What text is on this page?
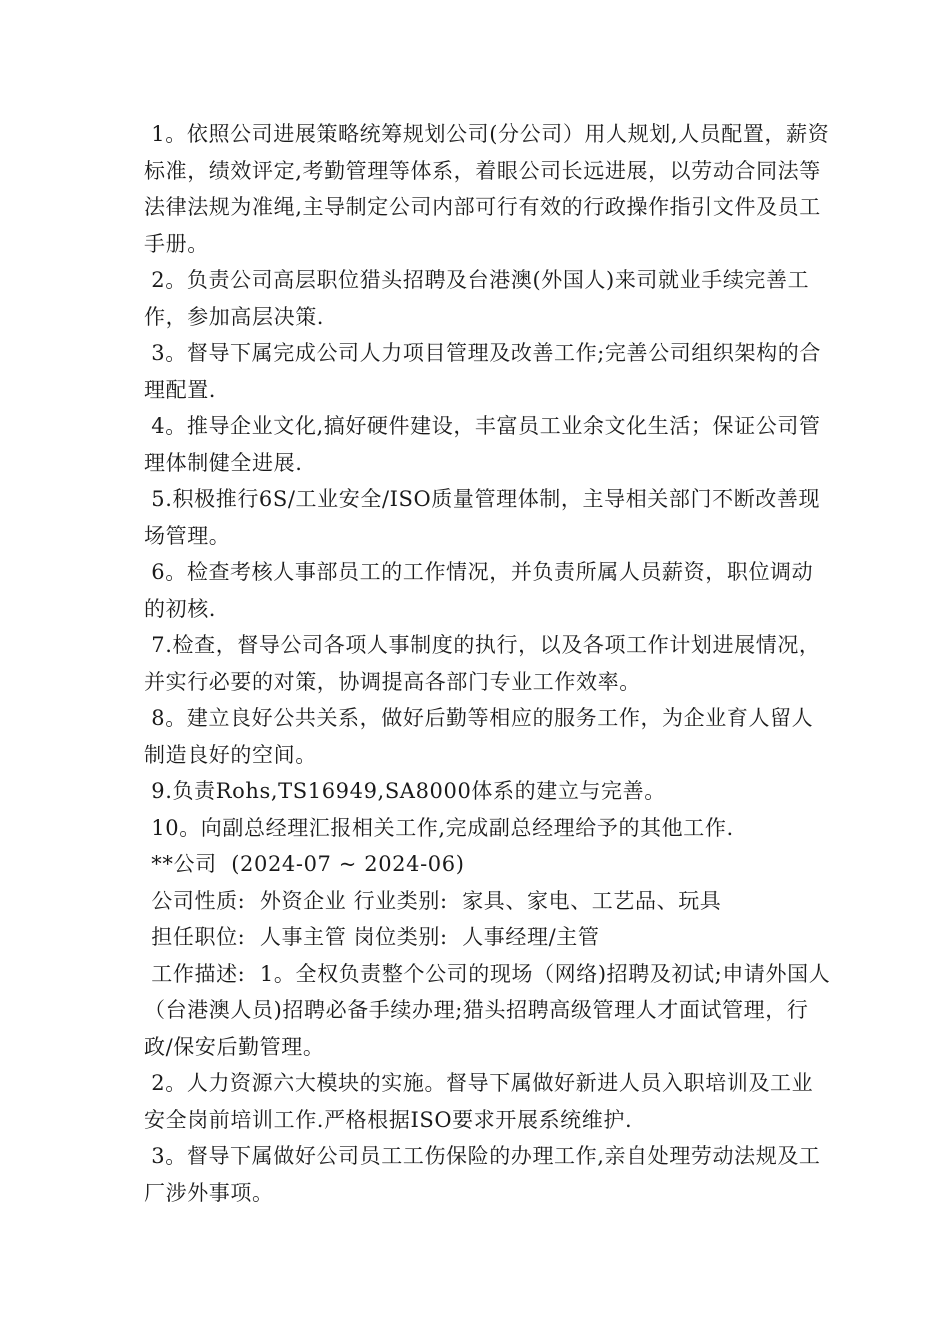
1。依照公司进展策略统筹规划公司(分公司）用人规划,人员配置，薪资标准，绩效评定,考勤管理等体系，着眼公司长远进展，以劳动合同法等法律法规为准绳,主导制定公司内部可行有效的行政操作指引文件及员工手册。

2。负责公司高层职位猎头招聘及台港澳(外国人)来司就业手续完善工作，参加高层决策.

3。督导下属完成公司人力项目管理及改善工作;完善公司组织架构的合理配置.

4。推导企业文化,搞好硬件建设，丰富员工业余文化生活；保证公司管理体制健全进展.

5.积极推行6S/工业安全/ISO质量管理体制，主导相关部门不断改善现场管理。

6。检查考核人事部员工的工作情况，并负责所属人员薪资，职位调动的初核.

7.检查，督导公司各项人事制度的执行，以及各项工作计划进展情况，并实行必要的对策，协调提高各部门专业工作效率。

8。建立良好公共关系，做好后勤等相应的服务工作，为企业育人留人制造良好的空间。

9.负责Rohs,TS16949,SA8000体系的建立与完善。

10。向副总经理汇报相关工作,完成副总经理给予的其他工作.

**公司  (2024-07 ~ 2024-06)

公司性质:  外资企业 行业类别:  家具、家电、工艺品、玩具

担任职位:  人事主管 岗位类别:  人事经理/主管

工作描述:  1。全权负责整个公司的现场（网络)招聘及初试;申请外国人（台港澳人员)招聘必备手续办理;猎头招聘高级管理人才面试管理，行政/保安后勤管理。

2。人力资源六大模块的实施。督导下属做好新进人员入职培训及工业安全岗前培训工作.严格根据ISO要求开展系统维护.

3。督导下属做好公司员工工伤保险的办理工作,亲自处理劳动法规及工厂涉外事项。
